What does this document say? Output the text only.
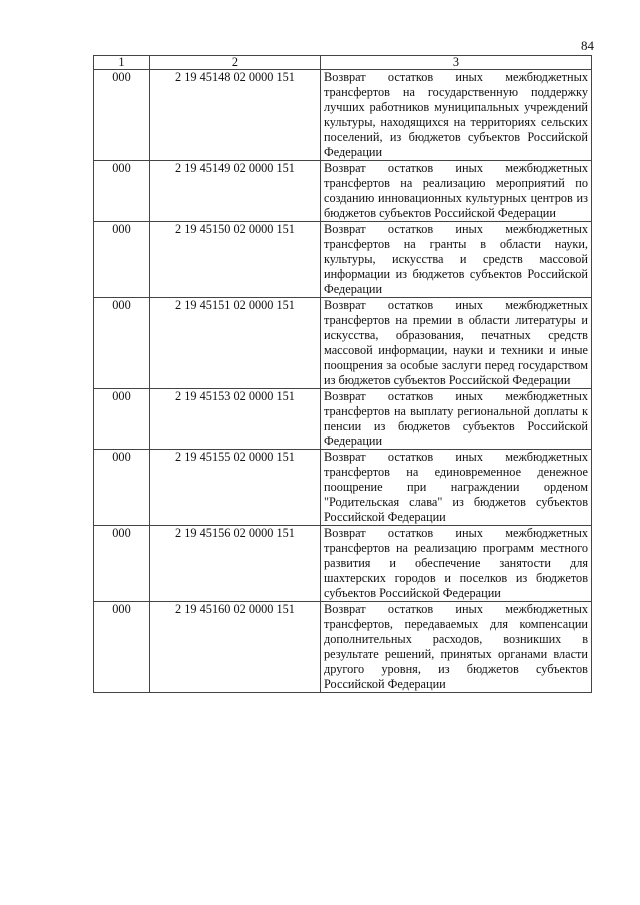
84
1	2	3
000	2 19 45148 02 0000 151	Возврат остатков иных межбюджетных трансфертов на государственную поддержку лучших работников муниципальных учреждений культуры, находящихся на территориях сельских поселений, из бюджетов субъектов Российской Федерации
000	2 19 45149 02 0000 151	Возврат остатков иных межбюджетных трансфертов на реализацию мероприятий по созданию инновационных культурных центров из бюджетов субъектов Российской Федерации
000	2 19 45150 02 0000 151	Возврат остатков иных межбюджетных трансфертов на гранты в области науки, культуры, искусства и средств массовой информации из бюджетов субъектов Российской Федерации
000	2 19 45151 02 0000 151	Возврат остатков иных межбюджетных трансфертов на премии в области литературы и искусства, образования, печатных средств массовой информации, науки и техники и иные поощрения за особые заслуги перед государством из бюджетов субъектов Российской Федерации
000	2 19 45153 02 0000 151	Возврат остатков иных межбюджетных трансфертов на выплату региональной доплаты к пенсии из бюджетов субъектов Российской Федерации
000	2 19 45155 02 0000 151	Возврат остатков иных межбюджетных трансфертов на единовременное денежное поощрение при награждении орденом "Родительская слава" из бюджетов субъектов Российской Федерации
000	2 19 45156 02 0000 151	Возврат остатков иных межбюджетных трансфертов на реализацию программ местного развития и обеспечение занятости для шахтерских городов и поселков из бюджетов субъектов Российской Федерации
000	2 19 45160 02 0000 151	Возврат остатков иных межбюджетных трансфертов, передаваемых для компенсации дополнительных расходов, возникших в результате решений, принятых органами власти другого уровня, из бюджетов субъектов Российской Федерации
